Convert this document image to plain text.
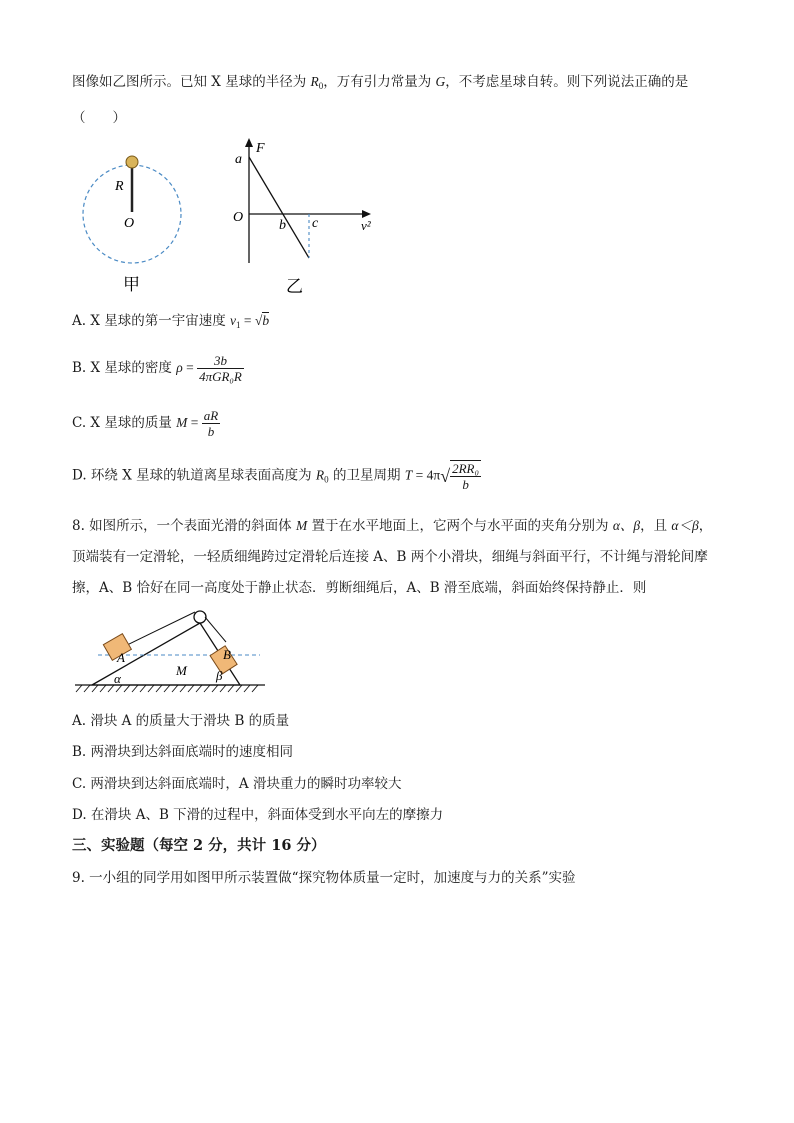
图像如乙图所示。已知 X 星球的半径为 $R_0$，万有引力常量为 G，不考虑星球自转。则下列说法正确的是
（　　）
R
O
甲
F
a
O
b c	v²
乙
A. X 星球的第一宇宙速度 $v_1 = √b$
B. X 星球的密度 $\rho = \frac{3b}{\text{4πGR₀R}}$
C. X 星球的质量 $M = \frac{aR}{b}$
D. 环绕 X 星球的轨道离星球表面高度为 $R_0$ 的卫星周期 $T = 4\pi√ \frac{\text{2RR₀}}{b}$
8. 如图所示，一个表面光滑的斜面体 M 置于在水平地面上，它两个与水平面的夹角分别为 α、β，且 α＜β，
顶端装有一定滑轮，一轻质细绳跨过定滑轮后连接 A、B 两个小滑块，细绳与斜面平行，不计绳与滑轮间摩
擦，A、B 恰好在同一高度处于静止状态．剪断细绳后，A、B 滑至底端，斜面始终保持静止．则
A	B
M
α	β
A. 滑块 A 的质量大于滑块 B 的质量
B. 两滑块到达斜面底端时的速度相同
C. 两滑块到达斜面底端时，A 滑块重力的瞬时功率较大
D. 在滑块 A、B 下滑的过程中，斜面体受到水平向左的摩擦力
三、实验题（每空 2 分，共计 16 分）
9. 一小组的同学用如图甲所示装置做“探究物体质量一定时，加速度与力的关系”实验
